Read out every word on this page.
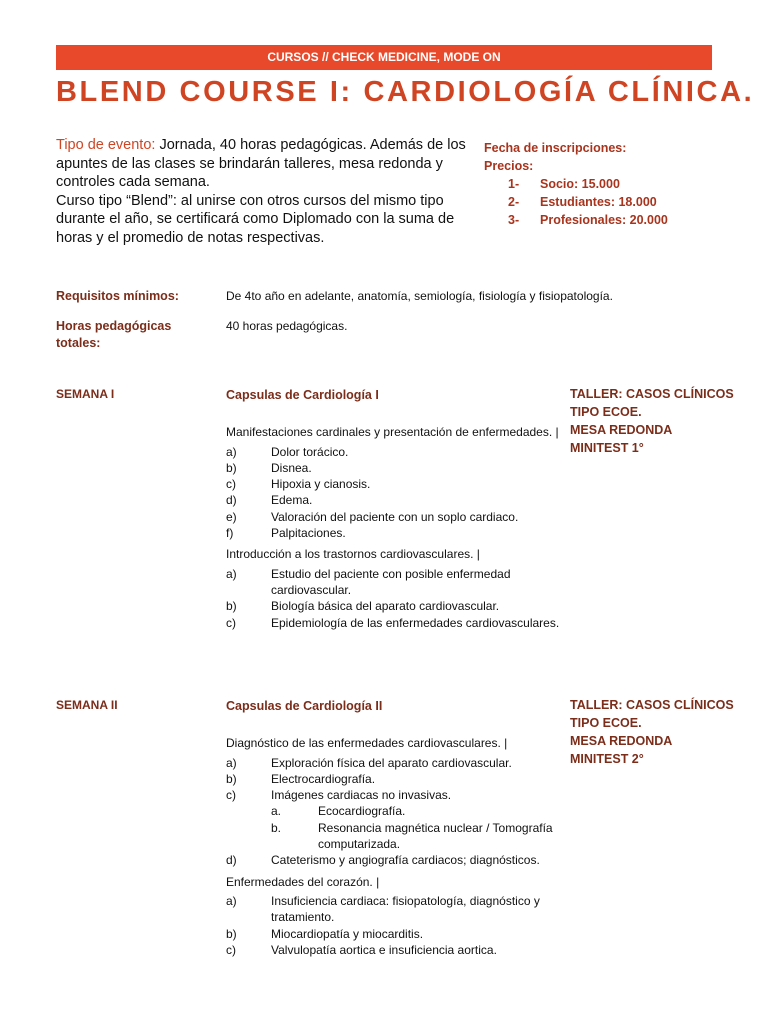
CURSOS // CHECK MEDICINE, MODE ON
BLEND COURSE I: CARDIOLOGÍA CLÍNICA.
Tipo de evento: Jornada, 40 horas pedagógicas. Además de los apuntes de las clases se brindarán talleres, mesa redonda y controles cada semana.
Curso tipo “Blend”: al unirse con otros cursos del mismo tipo durante el año, se certificará como Diplomado con la suma de horas y el promedio de notas respectivas.
Fecha de inscripciones:
Precios:
1-	Socio: 15.000
2-	Estudiantes: 18.000
3-	Profesionales: 20.000
Requisitos mínimos:	De 4to año en adelante, anatomía, semiología, fisiología y fisiopatología.
Horas pedagógicas totales:
40 horas pedagógicas.
SEMANA I	TALLER: CASOS CLÍNICOS TIPO ECOE.
MESA REDONDA
MINITEST 1°
Capsulas de Cardiología I
Manifestaciones cardinales y presentación de enfermedades. |
a)	Dolor torácico.
b)	Disnea.
c)	Hipoxia y cianosis.
d)	Edema.
e)	Valoración del paciente con un soplo cardiaco.
f)	Palpitaciones.
Introducción a los trastornos cardiovasculares. |
a)	Estudio del paciente con posible enfermedad cardiovascular.
b)	Biología básica del aparato cardiovascular.
c)	Epidemiología de las enfermedades cardiovasculares.
SEMANA II	TALLER: CASOS CLÍNICOS TIPO ECOE.
MESA REDONDA
MINITEST 2°
Capsulas de Cardiología II
Diagnóstico de las enfermedades cardiovasculares. |
a)	Exploración física del aparato cardiovascular.
b)	Electrocardiografía.
c)	Imágenes cardiacas no invasivas.
a.	Ecocardiografía.
b.	Resonancia magnética nuclear / Tomografía computarizada.
d)	Cateterismo y angiografía cardiacos; diagnósticos.
Enfermedades del corazón. |
a)	Insuficiencia cardiaca: fisiopatología, diagnóstico y tratamiento.
b)	Miocardiopatía y miocarditis.
c)	Valvulopatía aortica e insuficiencia aortica.
